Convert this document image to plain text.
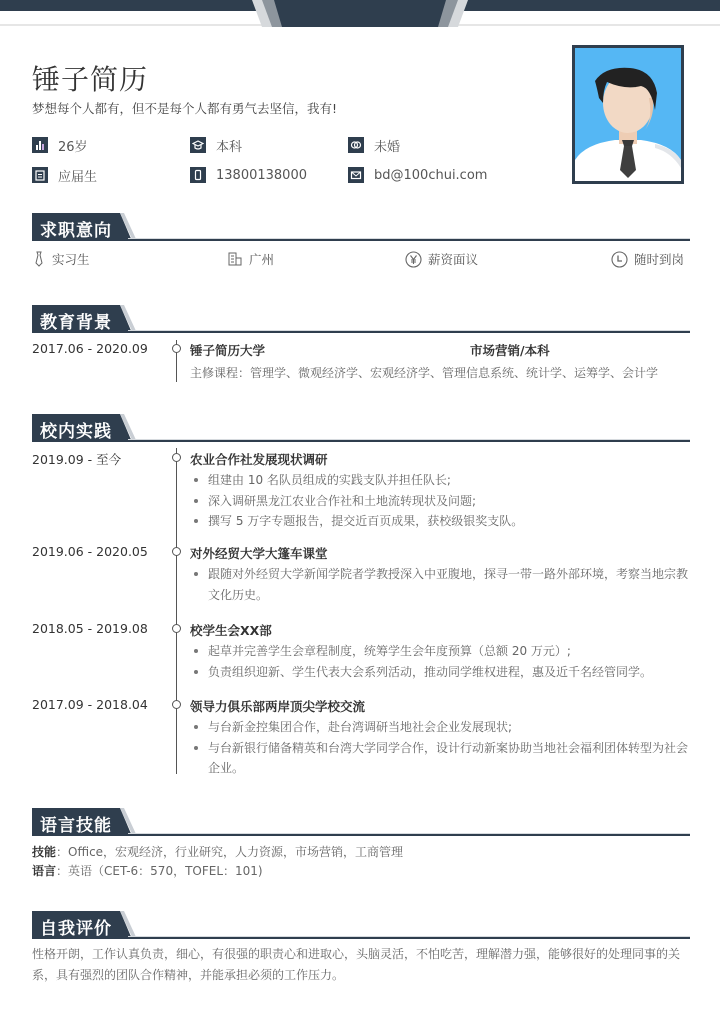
锤子简历
梦想每个人都有，但不是每个人都有勇气去坚信，我有!
26岁	本科	未婚
应届生	13800138000	bd@100chui.com
求职意向
实习生	广州	薪资面议	随时到岗
教育背景
2017.06 - 2020.09	锤子简历大学	市场营销/本科
主修课程：管理学、微观经济学、宏观经济学、管理信息系统、统计学、运筹学、会计学
校内实践
2019.09 - 至今	农业合作社发展现状调研
组建由 10 名队员组成的实践支队并担任队长;
深入调研黑龙江农业合作社和土地流转现状及问题;
撰写 5 万字专题报告，提交近百页成果，获校级银奖支队。
2019.06 - 2020.05	对外经贸大学大篷车课堂
跟随对外经贸大学新闻学院者学教授深入中亚腹地，探寻一带一路外部环境，考察当地宗教文化历史。
2018.05 - 2019.08	校学生会XX部
起草并完善学生会章程制度，统筹学生会年度预算（总额 20 万元）;
负责组织迎新、学生代表大会系列活动，推动同学维权进程，惠及近千名经管同学。
2017.09 - 2018.04	领导力俱乐部两岸顶尖学校交流
与台新金控集团合作，赴台湾调研当地社会企业发展现状;
与台新银行储备精英和台湾大学同学合作，设计行动新案协助当地社会福利团体转型为社会企业。
语言技能
技能：Office，宏观经济，行业研究，人力资源，市场营销，工商管理
语言：英语（CET-6：570，TOFEL：101)
自我评价
性格开朗，工作认真负责，细心，有很强的职责心和进取心，头脑灵活，不怕吃苦，理解潜力强，能够很好的处理同事的关系，具有强烈的团队合作精神，并能承担必须的工作压力。
